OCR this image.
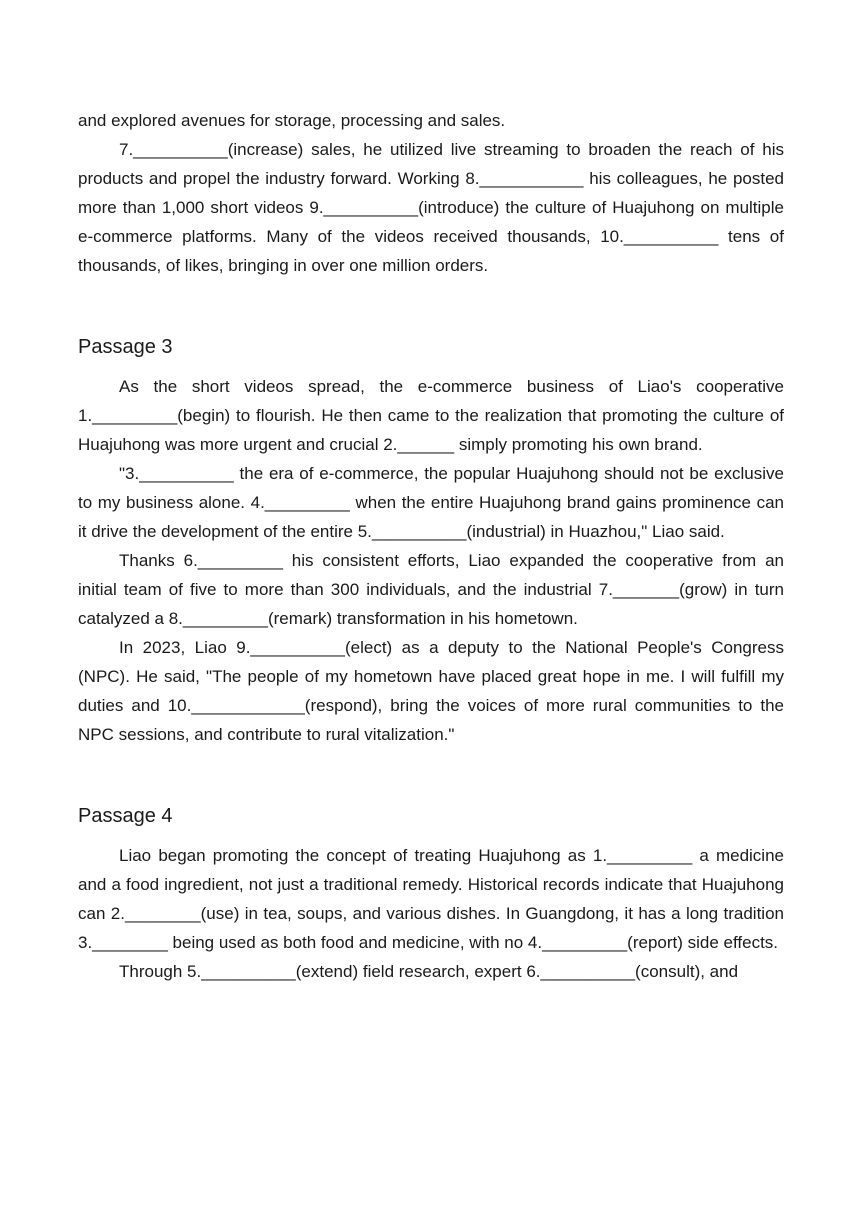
and explored avenues for storage, processing and sales.

7.__________(increase) sales, he utilized live streaming to broaden the reach of his products and propel the industry forward. Working 8.___________ his colleagues, he posted more than 1,000 short videos 9.__________(introduce) the culture of Huajuhong on multiple e-commerce platforms. Many of the videos received thousands, 10.__________ tens of thousands, of likes, bringing in over one million orders.

Passage 3

As the short videos spread, the e-commerce business of Liao's cooperative 1._________(begin) to flourish. He then came to the realization that promoting the culture of Huajuhong was more urgent and crucial 2.______ simply promoting his own brand.

"3.__________ the era of e-commerce, the popular Huajuhong should not be exclusive to my business alone. 4._________ when the entire Huajuhong brand gains prominence can it drive the development of the entire 5.__________(industrial) in Huazhou," Liao said.

Thanks 6._________ his consistent efforts, Liao expanded the cooperative from an initial team of five to more than 300 individuals, and the industrial 7._______(grow) in turn catalyzed a 8._________(remark) transformation in his hometown.

In 2023, Liao 9.__________(elect) as a deputy to the National People's Congress (NPC). He said, "The people of my hometown have placed great hope in me. I will fulfill my duties and 10.____________(respond), bring the voices of more rural communities to the NPC sessions, and contribute to rural vitalization."

Passage 4

Liao began promoting the concept of treating Huajuhong as 1._________ a medicine and a food ingredient, not just a traditional remedy. Historical records indicate that Huajuhong can 2.________(use) in tea, soups, and various dishes. In Guangdong, it has a long tradition 3.________ being used as both food and medicine, with no 4._________(report) side effects.

Through 5.__________(extend) field research, expert 6.__________(consult), and
